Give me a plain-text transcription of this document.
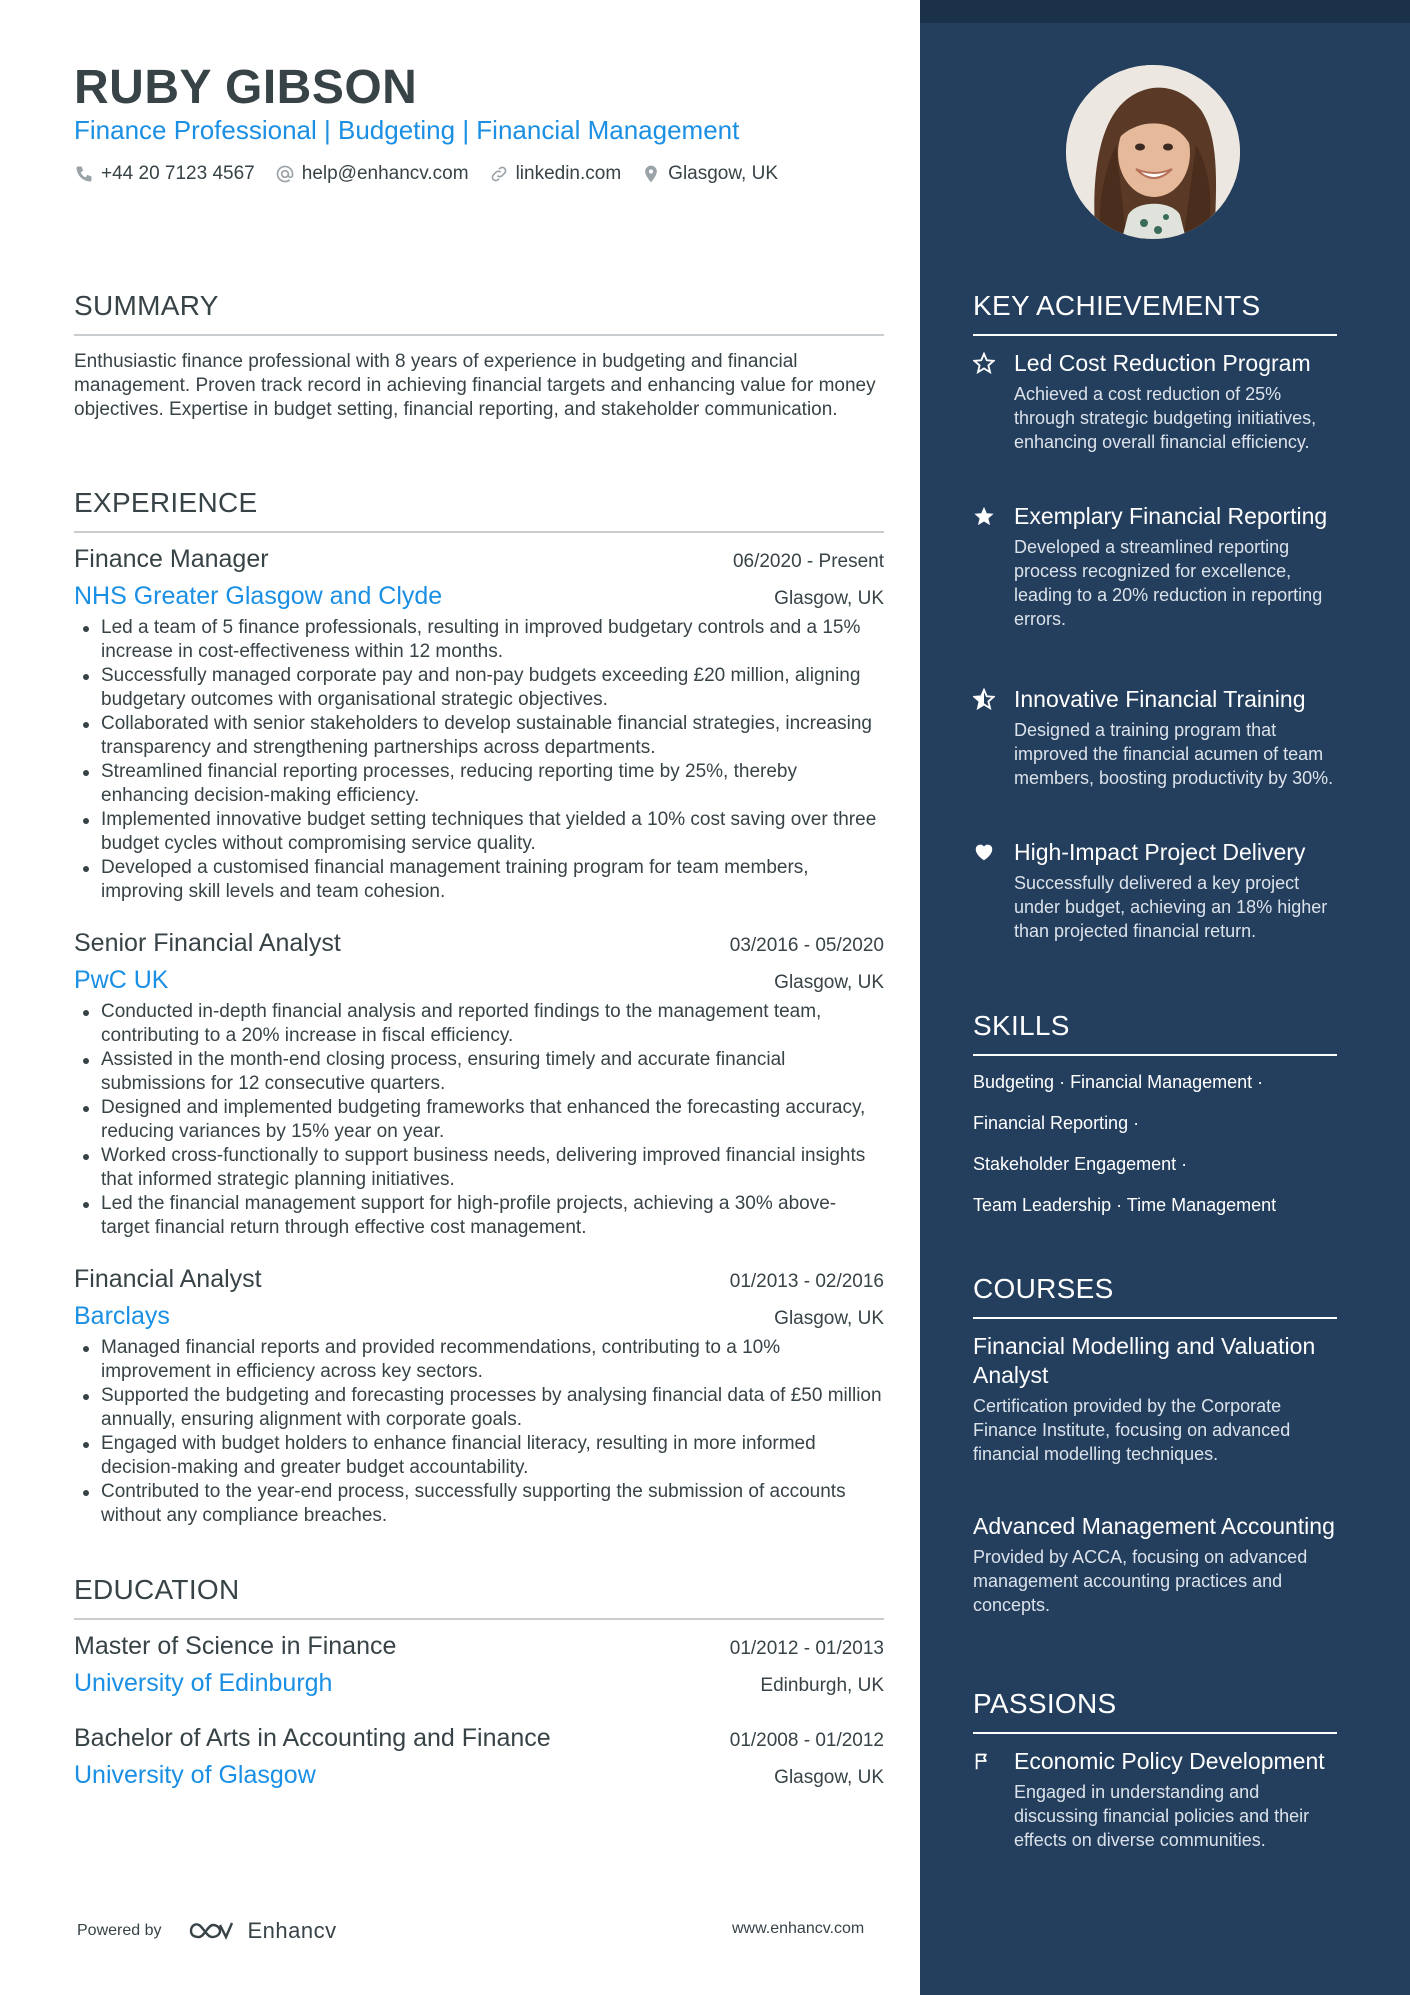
RUBY GIBSON
Finance Professional | Budgeting | Financial Management
+44 20 7123 4567 help@enhancv.com linkedin.com Glasgow, UK
SUMMARY
Enthusiastic finance professional with 8 years of experience in budgeting and financial management. Proven track record in achieving financial targets and enhancing value for money objectives. Expertise in budget setting, financial reporting, and stakeholder communication.
EXPERIENCE
Finance Manager	06/2020 - Present
NHS Greater Glasgow and Clyde	Glasgow, UK
Led a team of 5 finance professionals, resulting in improved budgetary controls and a 15% increase in cost-effectiveness within 12 months.
Successfully managed corporate pay and non-pay budgets exceeding £20 million, aligning budgetary outcomes with organisational strategic objectives.
Collaborated with senior stakeholders to develop sustainable financial strategies, increasing transparency and strengthening partnerships across departments.
Streamlined financial reporting processes, reducing reporting time by 25%, thereby enhancing decision-making efficiency.
Implemented innovative budget setting techniques that yielded a 10% cost saving over three budget cycles without compromising service quality.
Developed a customised financial management training program for team members, improving skill levels and team cohesion.
Senior Financial Analyst	03/2016 - 05/2020
PwC UK	Glasgow, UK
Conducted in-depth financial analysis and reported findings to the management team, contributing to a 20% increase in fiscal efficiency.
Assisted in the month-end closing process, ensuring timely and accurate financial submissions for 12 consecutive quarters.
Designed and implemented budgeting frameworks that enhanced the forecasting accuracy, reducing variances by 15% year on year.
Worked cross-functionally to support business needs, delivering improved financial insights that informed strategic planning initiatives.
Led the financial management support for high-profile projects, achieving a 30% above-target financial return through effective cost management.
Financial Analyst	01/2013 - 02/2016
Barclays	Glasgow, UK
Managed financial reports and provided recommendations, contributing to a 10% improvement in efficiency across key sectors.
Supported the budgeting and forecasting processes by analysing financial data of £50 million annually, ensuring alignment with corporate goals.
Engaged with budget holders to enhance financial literacy, resulting in more informed decision-making and greater budget accountability.
Contributed to the year-end process, successfully supporting the submission of accounts without any compliance breaches.
EDUCATION
Master of Science in Finance	01/2012 - 01/2013
University of Edinburgh	Edinburgh, UK
Bachelor of Arts in Accounting and Finance	01/2008 - 01/2012
University of Glasgow	Glasgow, UK
Powered by	Enhancv	www.enhancv.com
KEY ACHIEVEMENTS
Led Cost Reduction Program
Achieved a cost reduction of 25% through strategic budgeting initiatives, enhancing overall financial efficiency.
Exemplary Financial Reporting
Developed a streamlined reporting process recognized for excellence, leading to a 20% reduction in reporting errors.
Innovative Financial Training
Designed a training program that improved the financial acumen of team members, boosting productivity by 30%.
High-Impact Project Delivery
Successfully delivered a key project under budget, achieving an 18% higher than projected financial return.
SKILLS
Budgeting · Financial Management ·
Financial Reporting ·
Stakeholder Engagement ·
Team Leadership · Time Management
COURSES
Financial Modelling and Valuation Analyst
Certification provided by the Corporate Finance Institute, focusing on advanced financial modelling techniques.
Advanced Management Accounting
Provided by ACCA, focusing on advanced management accounting practices and concepts.
PASSIONS
Economic Policy Development
Engaged in understanding and discussing financial policies and their effects on diverse communities.
